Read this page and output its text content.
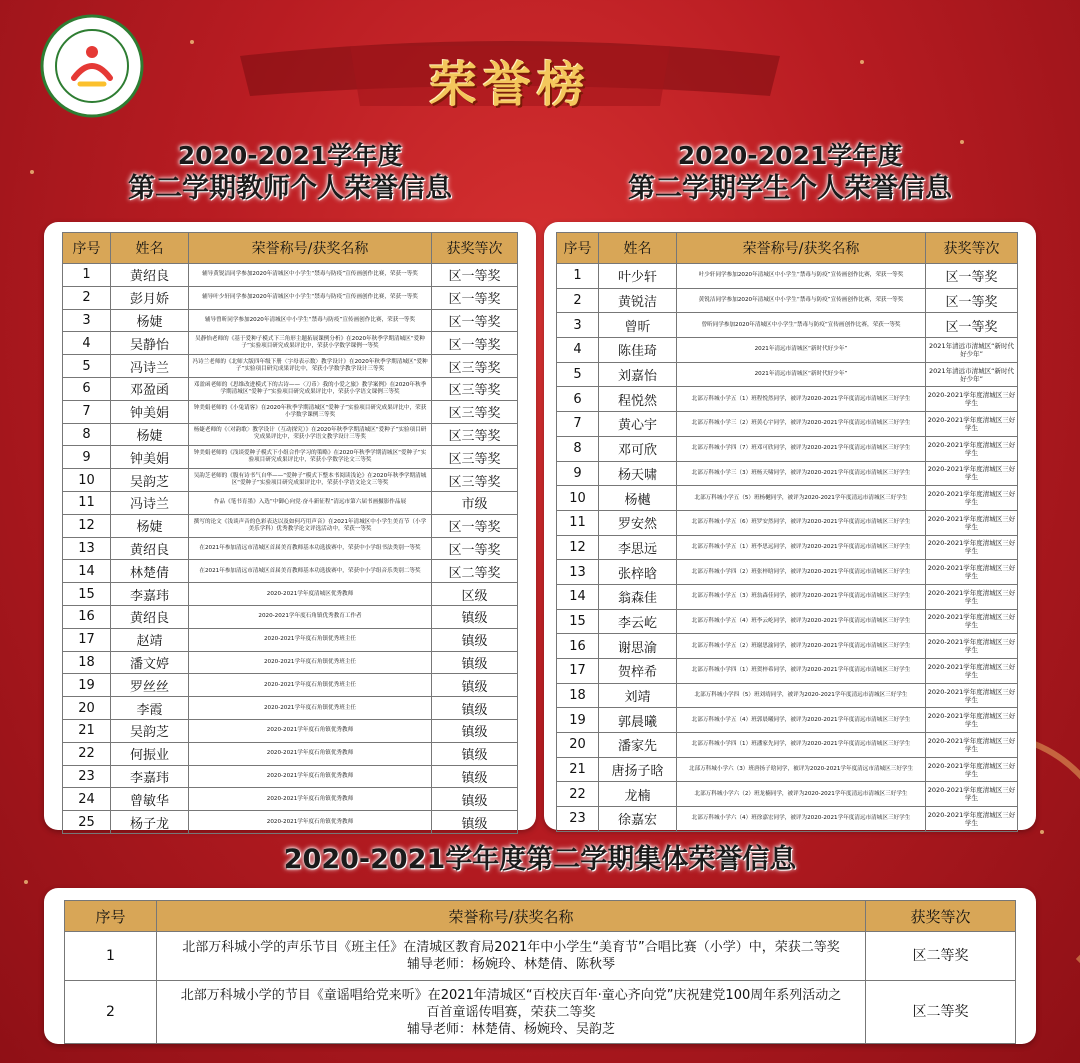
荣誉榜
2020-2021学年度
第二学期教师个人荣誉信息
2020-2021学年度
第二学期学生个人荣誉信息
序号	姓名	荣誉称号/获奖名称	获奖等次
1	黄绍良	辅导黄锐洁同学参加2020年清城区中小学生“禁毒与防疫”宣传画创作比赛，荣获一等奖	区一等奖
2	彭月娇	辅导叶少轩同学参加2020年清城区中小学生“禁毒与防疫”宣传画创作比赛，荣获一等奖	区一等奖
3	杨婕	辅导曾昕同学参加2020年清城区中小学生“禁毒与防疫”宣传画创作比赛，荣获一等奖	区一等奖
4	吴静怡	吴静怡老师的《基于爱种子模式下三角形主题拓展课例分析》在2020年秋季学期清城区“爱种子”实验项目研究成果评比中，荣获小学数学课例一等奖	区一等奖
5	冯诗兰	冯诗兰老师的《北师大版四年级下册〈字母表示数〉教学设计》在2020年秋季学期清城区“爱种子”实验项目研究成果评比中，荣获小学数学教学设计三等奖	区三等奖
6	邓盈函	邓盈函老师的《思维改进模式下的古诗——〈刀币〉我的小爱之旅》教学案例》在2020年秋季学期清城区“爱种子”实验项目研究成果评比中，荣获小学语文课例三等奖	区三等奖
7	钟美娟	钟美娟老师的《小兔请客》在2020年秋季学期清城区“爱种子”实验项目研究成果评比中，荣获小学数学课例三等奖	区三等奖
8	杨婕	杨婕老师的《〈对韵歌〉教学设计（互动探究）》在2020年秋季学期清城区“爱种子”实验项目研究成果评比中，荣获小学语文教学设计三等奖	区三等奖
9	钟美娟	钟美娟老师的《浅谈爱种子模式下小组合作学习的策略》在2020年秋季学期清城区“爱种子”实验项目研究成果评比中，荣获小学数学论文三等奖	区三等奖
10	吴韵芝	吴韵芝老师的《腹有诗书气自华——“爱种子”模式下整本书阅读浅论》在2020年秋季学期清城区“爱种子”实验项目研究成果评比中，荣获小学语文论文三等奖	区三等奖
11	冯诗兰	作品《笔书育墨》入选“中御心向党·奋斗新征程”清远市第六届书画摄影作品展	市级
12	杨婕	撰写的论文《浅谈声音的色彩表达以及如何巧用声音》在2021年清城区中小学生美育节（小学美乐学科）优秀教学论文评选活动中，荣获一等奖	区一等奖
13	黄绍良	在2021年参加清远市清城区首届美育教师基本功选拔赛中，荣获中小学组书法类别一等奖	区一等奖
14	林楚倩	在2021年参加清远市清城区首届美育教师基本功选拔赛中，荣获中小学组音乐类别二等奖	区二等奖
15	李嘉玮	2020-2021学年度清城区优秀教师	区级
16	黄绍良	2020-2021学年度石角镇优秀教育工作者	镇级
17	赵靖	2020-2021学年度石角镇优秀班主任	镇级
18	潘文婷	2020-2021学年度石角镇优秀班主任	镇级
19	罗丝丝	2020-2021学年度石角镇优秀班主任	镇级
20	李霞	2020-2021学年度石角镇优秀班主任	镇级
21	吴韵芝	2020-2021学年度石角镇优秀教师	镇级
22	何振业	2020-2021学年度石角镇优秀教师	镇级
23	李嘉玮	2020-2021学年度石角镇优秀教师	镇级
24	曾敏华	2020-2021学年度石角镇优秀教师	镇级
25	杨子龙	2020-2021学年度石角镇优秀教师	镇级
序号	姓名	荣誉称号/获奖名称	获奖等次
1	叶少轩	叶少轩同学参加2020年清城区中小学生“禁毒与防疫”宣传画创作比赛，荣获一等奖	区一等奖
2	黄锐洁	黄锐洁同学参加2020年清城区中小学生“禁毒与防疫”宣传画创作比赛，荣获一等奖	区一等奖
3	曾昕	曾昕同学参加2020年清城区中小学生“禁毒与防疫”宣传画创作比赛，荣获一等奖	区一等奖
4	陈佳琦	2021年清远市清城区“新时代好少年”	2021年清远市清城区“新时代好少年”
5	刘嘉怡	2021年清远市清城区“新时代好少年”	2021年清远市清城区“新时代好少年”
6	程悦然	北部万科城小学五（1）班程悦然同学，被评为2020-2021学年度清远市清城区三好学生	2020-2021学年度清城区三好学生
7	黄心宇	北部万科城小学三（2）班黄心宇同学，被评为2020-2021学年度清远市清城区三好学生	2020-2021学年度清城区三好学生
8	邓可欣	北部万科城小学四（7）班邓可欣同学，被评为2020-2021学年度清远市清城区三好学生	2020-2021学年度清城区三好学生
9	杨天啸	北部万科城小学三（3）班杨天啸同学，被评为2020-2021学年度清远市清城区三好学生	2020-2021学年度清城区三好学生
10	杨樾	北部万科城小学五（5）班杨樾同学，被评为2020-2021学年度清远市清城区三好学生	2020-2021学年度清城区三好学生
11	罗安然	北部万科城小学五（6）班罗安然同学，被评为2020-2021学年度清远市清城区三好学生	2020-2021学年度清城区三好学生
12	李思远	北部万科城小学五（1）班李思远同学，被评为2020-2021学年度清远市清城区三好学生	2020-2021学年度清城区三好学生
13	张梓晗	北部万科城小学四（2）班张梓晗同学，被评为2020-2021学年度清远市清城区三好学生	2020-2021学年度清城区三好学生
14	翁森佳	北部万科城小学五（3）班翁森佳同学，被评为2020-2021学年度清远市清城区三好学生	2020-2021学年度清城区三好学生
15	李云屹	北部万科城小学五（4）班李云屹同学，被评为2020-2021学年度清远市清城区三好学生	2020-2021学年度清城区三好学生
16	谢思渝	北部万科城小学五（2）班谢思渝同学，被评为2020-2021学年度清远市清城区三好学生	2020-2021学年度清城区三好学生
17	贺梓希	北部万科城小学四（1）班贺梓希同学，被评为2020-2021学年度清远市清城区三好学生	2020-2021学年度清城区三好学生
18	刘靖	北部万科城小学四（5）班刘靖同学，被评为2020-2021学年度清远市清城区三好学生	2020-2021学年度清城区三好学生
19	郭晨曦	北部万科城小学五（4）班郭晨曦同学，被评为2020-2021学年度清远市清城区三好学生	2020-2021学年度清城区三好学生
20	潘家先	北部万科城小学四（1）班潘家先同学，被评为2020-2021学年度清远市清城区三好学生	2020-2021学年度清城区三好学生
21	唐扬子晗	北部万科城小学六（3）班唐扬子晗同学，被评为2020-2021学年度清远市清城区三好学生	2020-2021学年度清城区三好学生
22	龙楠	北部万科城小学六（2）班龙楠同学，被评为2020-2021学年度清远市清城区三好学生	2020-2021学年度清城区三好学生
23	徐嘉宏	北部万科城小学六（4）班徐嘉宏同学，被评为2020-2021学年度清远市清城区三好学生	2020-2021学年度清城区三好学生
2020-2021学年度第二学期集体荣誉信息
序号	荣誉称号/获奖名称	获奖等次
1	北部万科城小学的声乐节目《班主任》在清城区教育局2021年中小学生“美育节”合唱比赛（小学）中，荣获二等奖
辅导老师：杨婉玲、林楚倩、陈秋琴	区二等奖
2	北部万科城小学的节目《童谣唱给党来听》在2021年清城区“百校庆百年·童心齐向党”庆祝建党100周年系列活动之
百首童谣传唱赛，荣获二等奖
辅导老师：林楚倩、杨婉玲、吴韵芝	区二等奖
